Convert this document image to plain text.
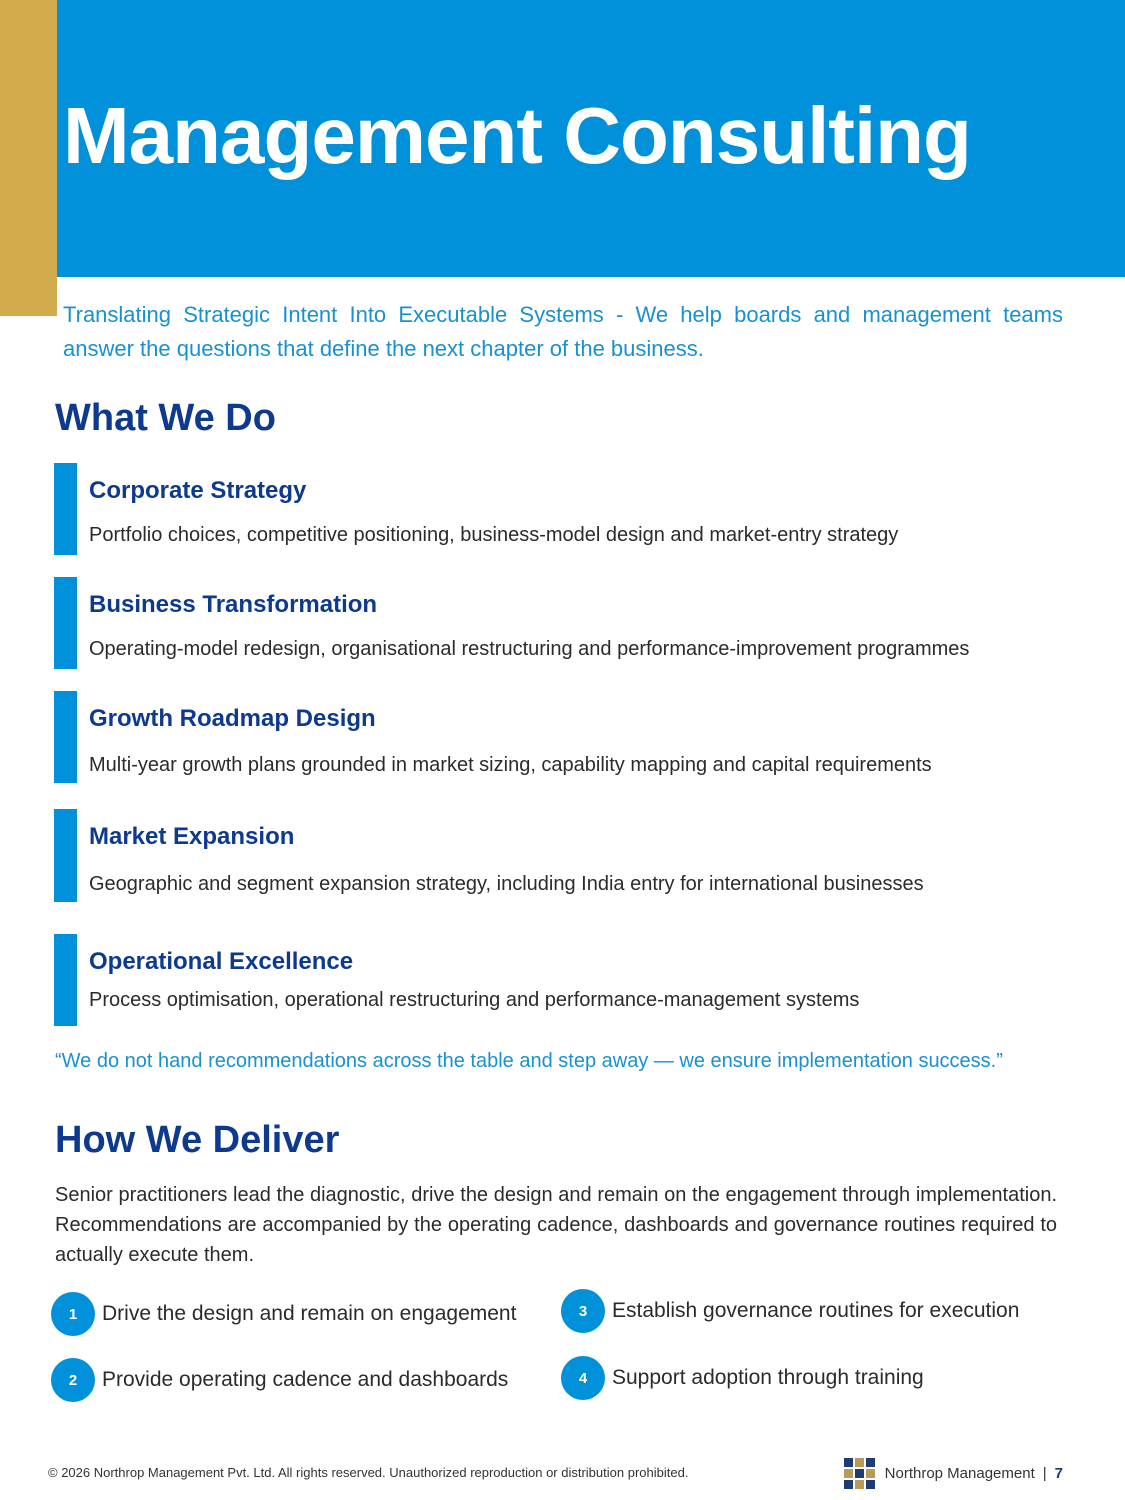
Management Consulting

Translating Strategic Intent Into Executable Systems - We help boards and management teams answer the questions that define the next chapter of the business.

What We Do
Corporate Strategy

Portfolio choices, competitive positioning, business-model design and market-entry strategy

Business Transformation

Operating-model redesign, organisational restructuring and performance-improvement programmes

Growth Roadmap Design

Multi-year growth plans grounded in market sizing, capability mapping and capital requirements

Market Expansion

Geographic and segment expansion strategy, including India entry for international businesses

Operational Excellence

Process optimisation, operational restructuring and performance-management systems

“We do not hand recommendations across the table and step away — we ensure implementation success.”

How We Deliver

Senior practitioners lead the diagnostic, drive the design and remain on the engagement through implementation. Recommendations are accompanied by the operating cadence, dashboards and governance routines required to actually execute them.

1	Drive the design and remain on engagement
2	Provide operating cadence and dashboards
3	Establish governance routines for execution
4	Support adoption through training

© 2026 Northrop Management Pvt. Ltd. All rights reserved. Unauthorized reproduction or distribution prohibited.	Northrop Management | 7
